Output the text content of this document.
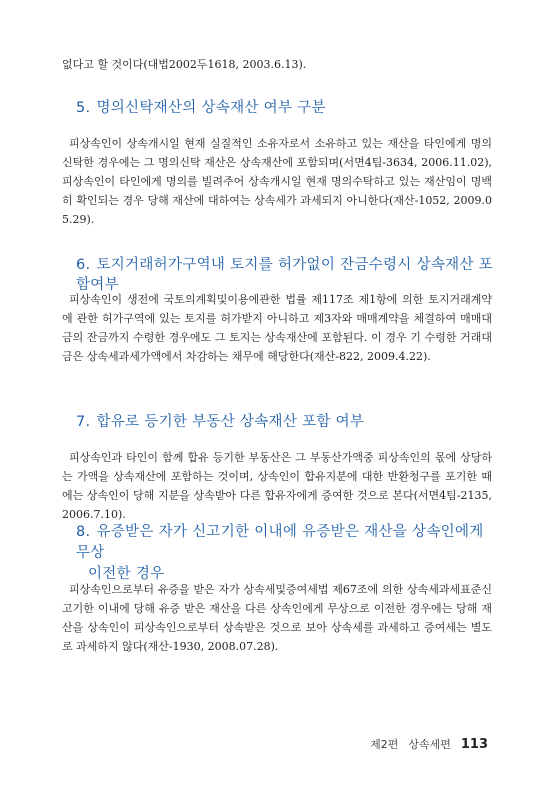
없다고 할 것이다(대법2002두1618, 2003.6.13).

5. 명의신탁재산의 상속재산 여부 구분

피상속인이 상속개시일 현재 실질적인 소유자로서 소유하고 있는 재산을 타인에게 명의신탁한 경우에는 그 명의신탁 재산은 상속재산에 포함되며(서면4팀-3634, 2006.11.02), 피상속인이 타인에게 명의를 빌려주어 상속개시일 현재 명의수탁하고 있는 재산임이 명백히 확인되는 경우 당해 재산에 대하여는 상속세가 과세되지 아니한다(재산-1052, 2009.05.29).

6. 토지거래허가구역내 토지를 허가없이 잔금수령시 상속재산 포함여부

피상속인이 생전에 국토의계획및이용에관한 법률 제117조 제1항에 의한 토지거래계약에 관한 허가구역에 있는 토지를 허가받지 아니하고 제3자와 매매계약을 체결하여 매매대금의 잔금까지 수령한 경우에도 그 토지는 상속재산에 포함된다. 이 경우 기 수령한 거래대금은 상속세과세가액에서 차감하는 채무에 해당한다(재산-822, 2009.4.22).

7. 합유로 등기한 부동산 상속재산 포함 여부

피상속인과 타인이 함께 합유 등기한 부동산은 그 부동산가액중 피상속인의 몫에 상당하는 가액을 상속재산에 포함하는 것이며, 상속인이 합유지분에 대한 반환청구를 포기한 때에는 상속인이 당해 지분을 상속받아 다른 합유자에게 증여한 것으로 본다(서면4팀-2135, 2006.7.10).

8. 유증받은 자가 신고기한 이내에 유증받은 재산을 상속인에게 무상
이전한 경우

피상속인으로부터 유증을 받은 자가 상속세및증여세법 제67조에 의한 상속세과세표준신고기한 이내에 당해 유증 받은 재산을 다른 상속인에게 무상으로 이전한 경우에는 당해 재산을 상속인이 피상속인으로부터 상속받은 것으로 보아 상속세를 과세하고 증여세는 별도로 과세하지 않다(재산-1930, 2008.07.28).

제2편 상속세편 113
